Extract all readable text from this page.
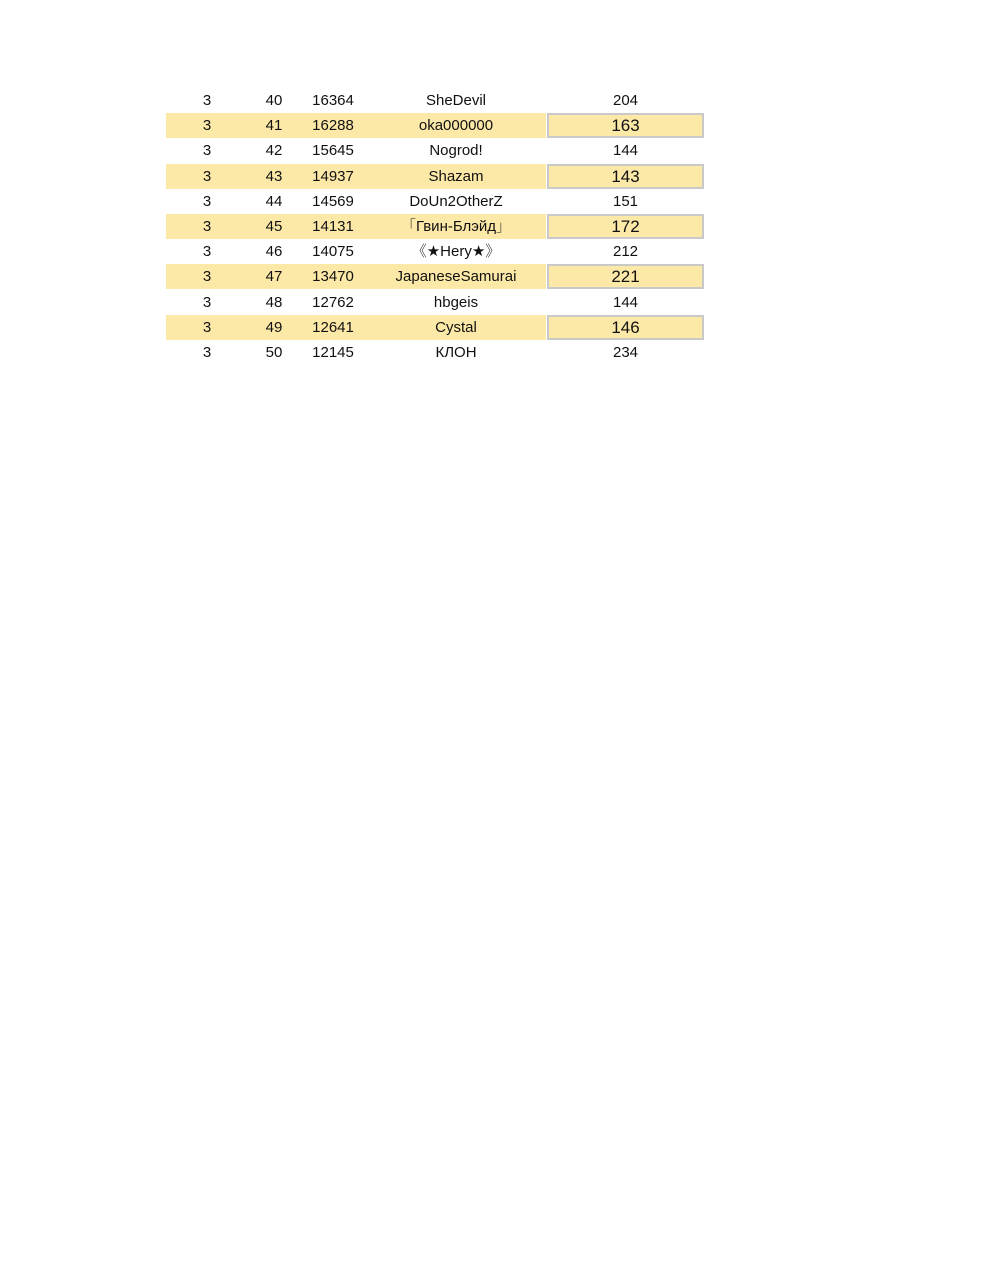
3	40	16364	SheDevil	204
3	41	16288	oka000000	163
3	42	15645	Nogrod!	144
3	43	14937	Shazam	143
3	44	14569	DoUn2OtherZ	151
3	45	14131	「Гвин-Блэйд」	172
3	46	14075	《★Hery★》	212
3	47	13470	JapaneseSamurai	221
3	48	12762	hbgeis	144
3	49	12641	Cystal	146
3	50	12145	КЛОН	234
